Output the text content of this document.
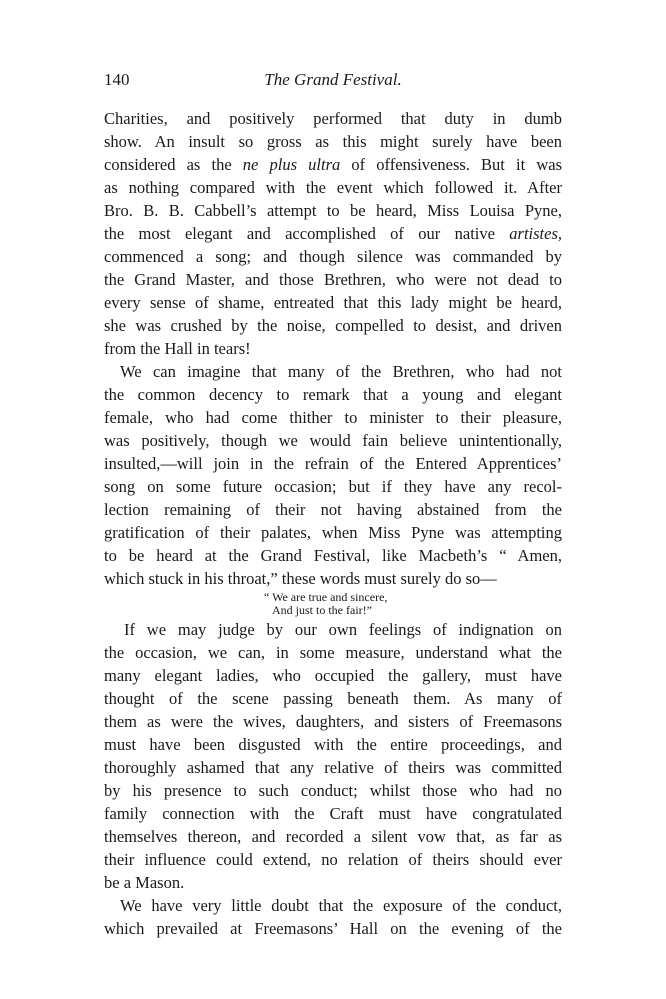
140	The Grand Festival.
Charities, and positively performed that duty in dumb
show. An insult so gross as this might surely have been
considered as the ne plus ultra of offensiveness. But it was
as nothing compared with the event which followed it. After
Bro. B. B. Cabbell’s attempt to be heard, Miss Louisa Pyne,
the most elegant and accomplished of our native artistes,
commenced a song; and though silence was commanded by
the Grand Master, and those Brethren, who were not dead to
every sense of shame, entreated that this lady might be heard,
she was crushed by the noise, compelled to desist, and driven
from the Hall in tears!
We can imagine that many of the Brethren, who had not
the common decency to remark that a young and elegant
female, who had come thither to minister to their pleasure,
was positively, though we would fain believe unintentionally,
insulted,—will join in the refrain of the Entered Apprentices’
song on some future occasion; but if they have any recol-
lection remaining of their not having abstained from the
gratification of their palates, when Miss Pyne was attempting
to be heard at the Grand Festival, like Macbeth’s “ Amen,
which stuck in his throat,” these words must surely do so—
“ We are true and sincere,
And just to the fair!”
If we may judge by our own feelings of indignation on
the occasion, we can, in some measure, understand what the
many elegant ladies, who occupied the gallery, must have
thought of the scene passing beneath them. As many of
them as were the wives, daughters, and sisters of Freemasons
must have been disgusted with the entire proceedings, and
thoroughly ashamed that any relative of theirs was committed
by his presence to such conduct; whilst those who had no
family connection with the Craft must have congratulated
themselves thereon, and recorded a silent vow that, as far as
their influence could extend, no relation of theirs should ever
be a Mason.
We have very little doubt that the exposure of the conduct,
which prevailed at Freemasons’ Hall on the evening of the
